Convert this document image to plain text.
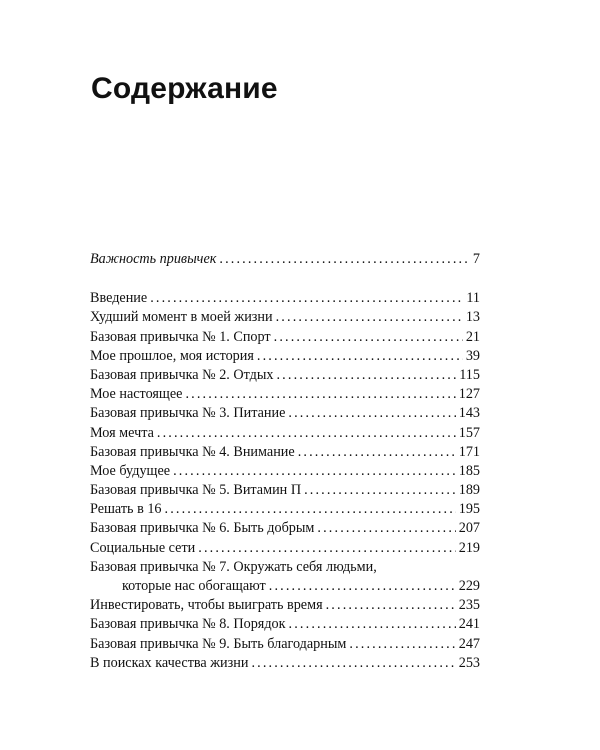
Содержание
Важность привычек . . .	7
Введение . . .	11
Худший момент в моей жизни . . .	13
Базовая привычка № 1. Спорт . . .	21
Мое прошлое, моя история . . .	39
Базовая привычка № 2. Отдых . . .	115
Мое настоящее . . .	127
Базовая привычка № 3. Питание . . .	143
Моя мечта . . .	157
Базовая привычка № 4. Внимание . . .	171
Мое будущее . . .	185
Базовая привычка № 5. Витамин П . . .	189
Решать в 16 . . .	195
Базовая привычка № 6. Быть добрым . . .	207
Социальные сети . . .	219
Базовая привычка № 7. Окружать себя людьми,
которые нас обогащают . . .	229
Инвестировать, чтобы выиграть время . . .	235
Базовая привычка № 8. Порядок . . .	241
Базовая привычка № 9. Быть благодарным . . .	247
В поисках качества жизни . . .	253
